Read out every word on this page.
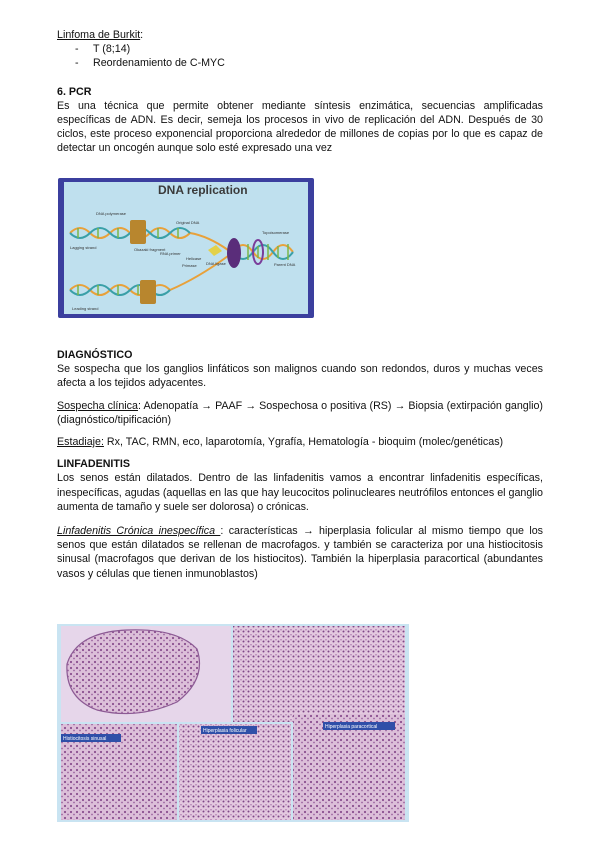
Linfoma de Burkit:
- T (8;14)
- Reordenamiento de C-MYC
6. PCR

Es una técnica que permite obtener mediante síntesis enzimática, secuencias amplificadas específicas de ADN. Es decir, semeja los procesos in vivo de replicación del ADN. Después de 30 ciclos, este proceso exponencial proporciona alrededor de millones de copias por lo que es capaz de detectar un oncogén aunque solo esté expresado una vez

DNA replication
DNA polymerase
Original DNA
Topoisomerase
Lagging strand	Okazaki fragment
RNA primer
Helicase
Primase DNA ligase	Parent DNA
Leading strand
DIAGNÓSTICO

Se sospecha que los ganglios linfáticos son malignos cuando son redondos, duros y muchas veces afecta a los tejidos adyacentes.

Sospecha clínica: Adenopatía → PAAF → Sospechosa o positiva (RS) → Biopsia (extirpación ganglio) (diagnóstico/tipificación)

Estadiaje: Rx, TAC, RMN, eco, laparotomía, Ygrafía, Hematología - bioquim (molec/genéticas)

LINFADENITIS

Los senos están dilatados. Dentro de las linfadenitis vamos a encontrar linfadenitis específicas, inespecíficas, agudas (aquellas en las que hay leucocitos polinucleares neutrófilos entonces el ganglio aumenta de tamaño y suele ser dolorosa) o crónicas.

Linfadenitis Crónica inespecífica : características → hiperplasia folicular al mismo tiempo que los senos que están dilatados se rellenan de macrofagos. y también se caracteriza por una histiocitosis sinusal (macrofagos que derivan de los histiocitos). También la hiperplasia paracortical (abundantes vasos y células que tienen inmunoblastos)

Histiocitosis sinusal
Hiperplasia folicular
Hiperplasia paracortical
